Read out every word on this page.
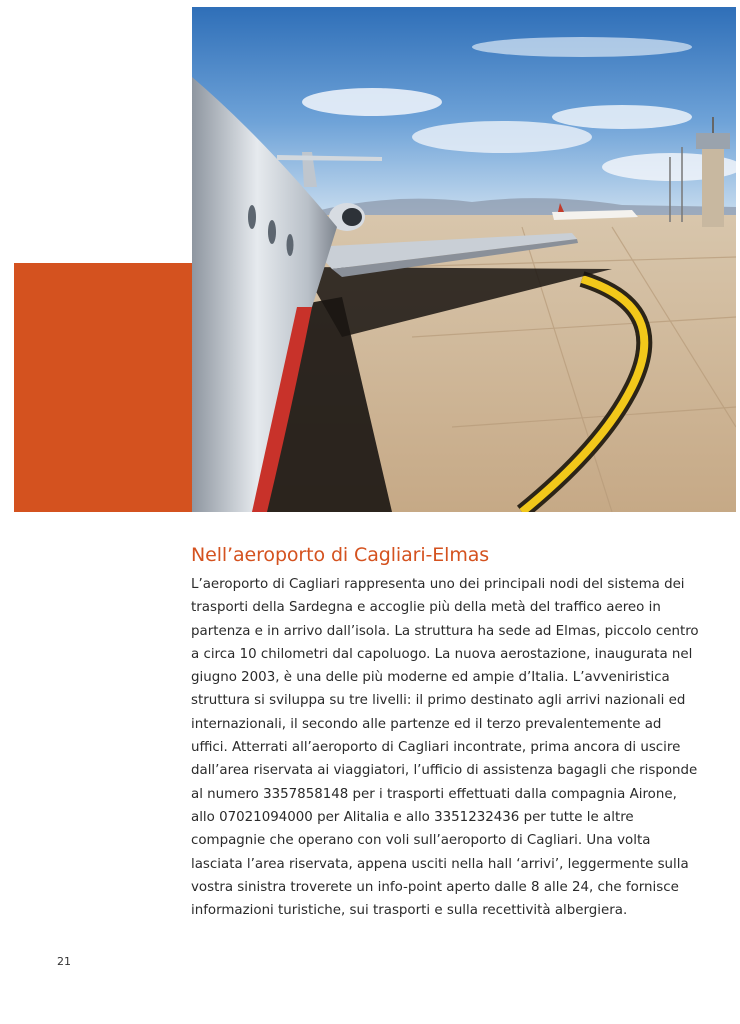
Nell’aeroporto di Cagliari-Elmas
L’aeroporto di Cagliari rappresenta uno dei principali nodi del sistema dei
trasporti della Sardegna e accoglie più della metà del traffico aereo in
partenza e in arrivo dall’isola. La struttura ha sede ad Elmas, piccolo centro
a circa 10 chilometri dal capoluogo. La nuova aerostazione, inaugurata nel
giugno 2003, è una delle più moderne ed ampie d’Italia. L’avveniristica
struttura si sviluppa su tre livelli: il primo destinato agli arrivi nazionali ed
internazionali, il secondo alle partenze ed il terzo prevalentemente ad
uffici. Atterrati all’aeroporto di Cagliari incontrate, prima ancora di uscire
dall’area riservata ai viaggiatori, l’ufficio di assistenza bagagli che risponde
al numero 3357858148 per i trasporti effettuati dalla compagnia Airone,
allo 07021094000 per Alitalia e allo 3351232436 per tutte le altre
compagnie che operano con voli sull’aeroporto di Cagliari. Una volta
lasciata l’area riservata, appena usciti nella hall ‘arrivi’, leggermente sulla
vostra sinistra troverete un info-point aperto dalle 8 alle 24, che fornisce
informazioni turistiche, sui trasporti e sulla recettività albergiera.
21
